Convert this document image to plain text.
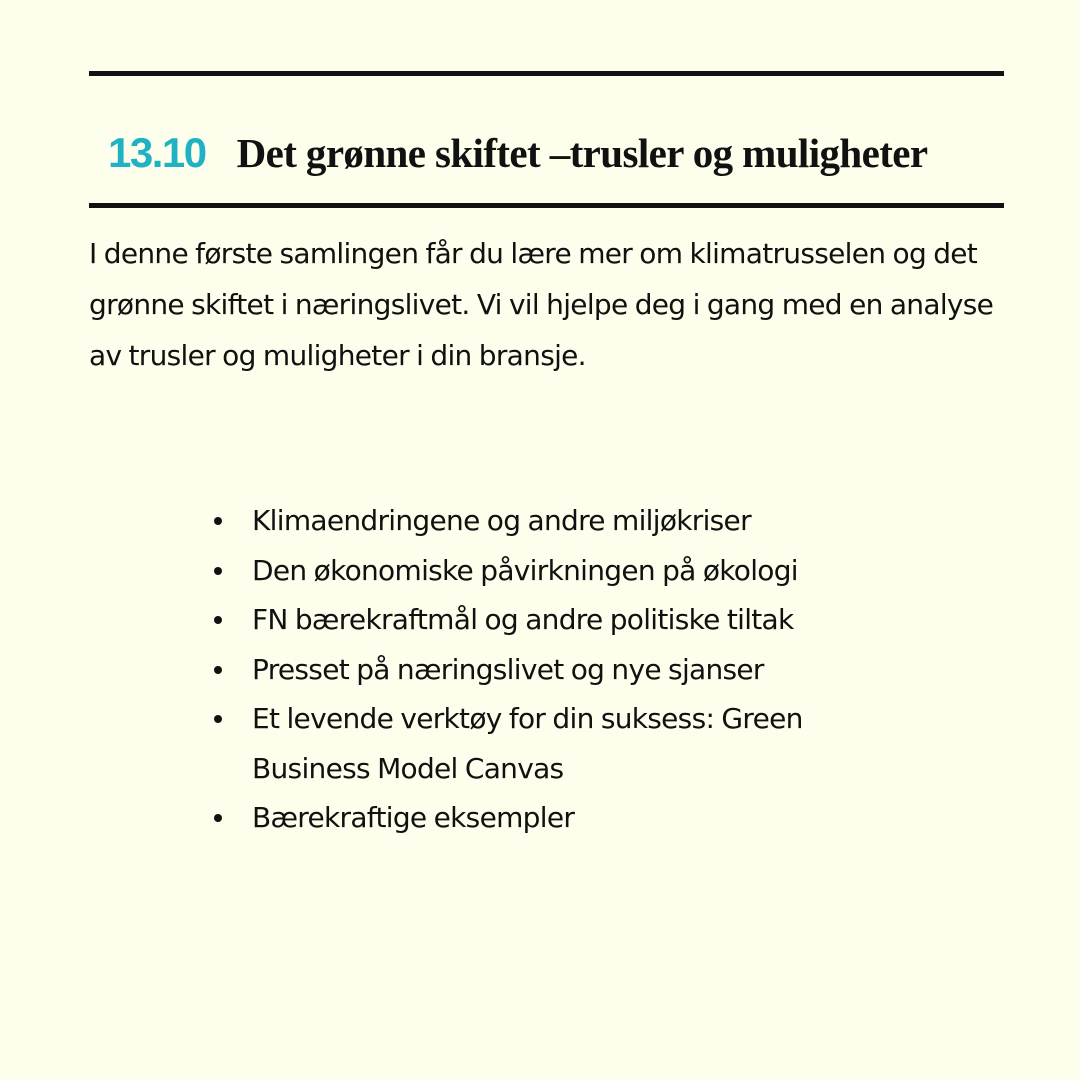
13.10 Det grønne skiftet –trusler og muligheter

I denne første samlingen får du lære mer om klimatrusselen og det grønne skiftet i næringslivet. Vi vil hjelpe deg i gang med en analyse av trusler og muligheter i din bransje.

Klimaendringene og andre miljøkriser
Den økonomiske påvirkningen på økologi
FN bærekraftmål og andre politiske tiltak
Presset på næringslivet og nye sjanser
Et levende verktøy for din suksess: Green Business Model Canvas
Bærekraftige eksempler
